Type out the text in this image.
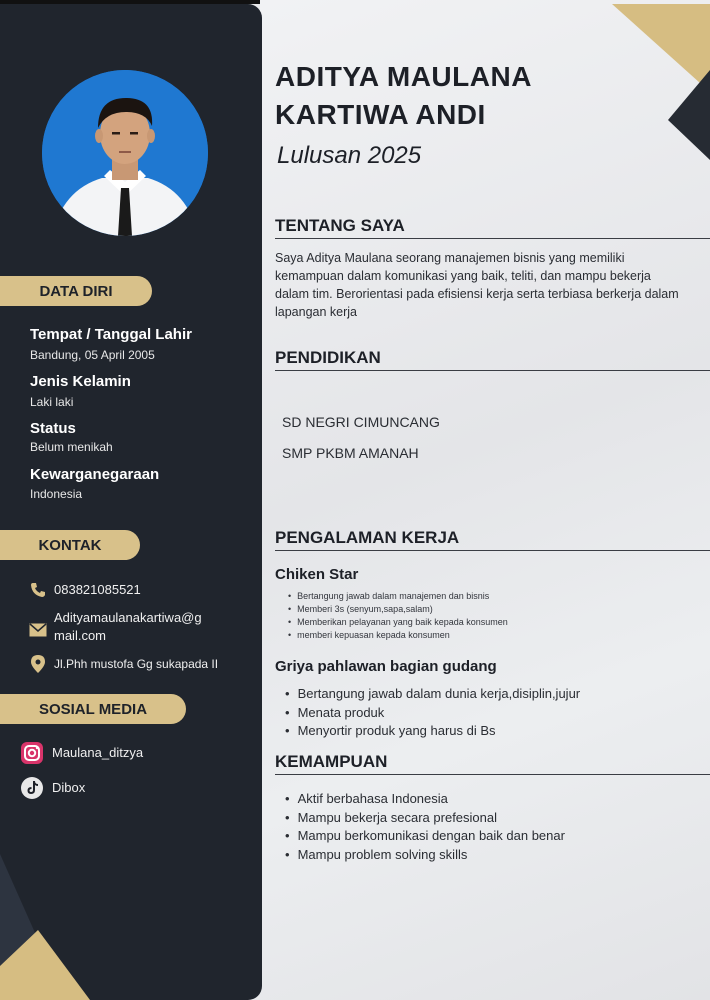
DATA DIRI
Tempat / Tanggal Lahir
Bandung, 05 April 2005
Jenis Kelamin
Laki laki
Status
Belum menikah
Kewarganegaraan
Indonesia
KONTAK
083821085521
Adityamaulanakartiwa@g
mail.com
Jl.Phh mustofa Gg sukapada II
SOSIAL MEDIA
Maulana_ditzya
Dibox
ADITYA MAULANA KARTIWA ANDI
Lulusan 2025
TENTANG SAYA
Saya Aditya Maulana seorang manajemen bisnis yang memiliki kemampuan dalam komunikasi yang baik, teliti, dan mampu bekerja dalam tim. Berorientasi pada efisiensi kerja serta terbiasa berkerja dalam lapangan kerja
PENDIDIKAN
SD NEGRI CIMUNCANG
SMP PKBM AMANAH
PENGALAMAN KERJA
Chiken Star
• Bertangung jawab dalam manajemen dan bisnis
• Memberi 3s (senyum,sapa,salam)
• Memberikan pelayanan yang baik kepada konsumen
• memberi kepuasan kepada konsumen
Griya pahlawan bagian gudang
• Bertangung jawab dalam dunia kerja,disiplin,jujur
• Menata produk
• Menyortir produk yang harus di Bs
KEMAMPUAN
• Aktif berbahasa Indonesia
• Mampu bekerja secara prefesional
• Mampu berkomunikasi dengan baik dan benar
• Mampu problem solving skills
